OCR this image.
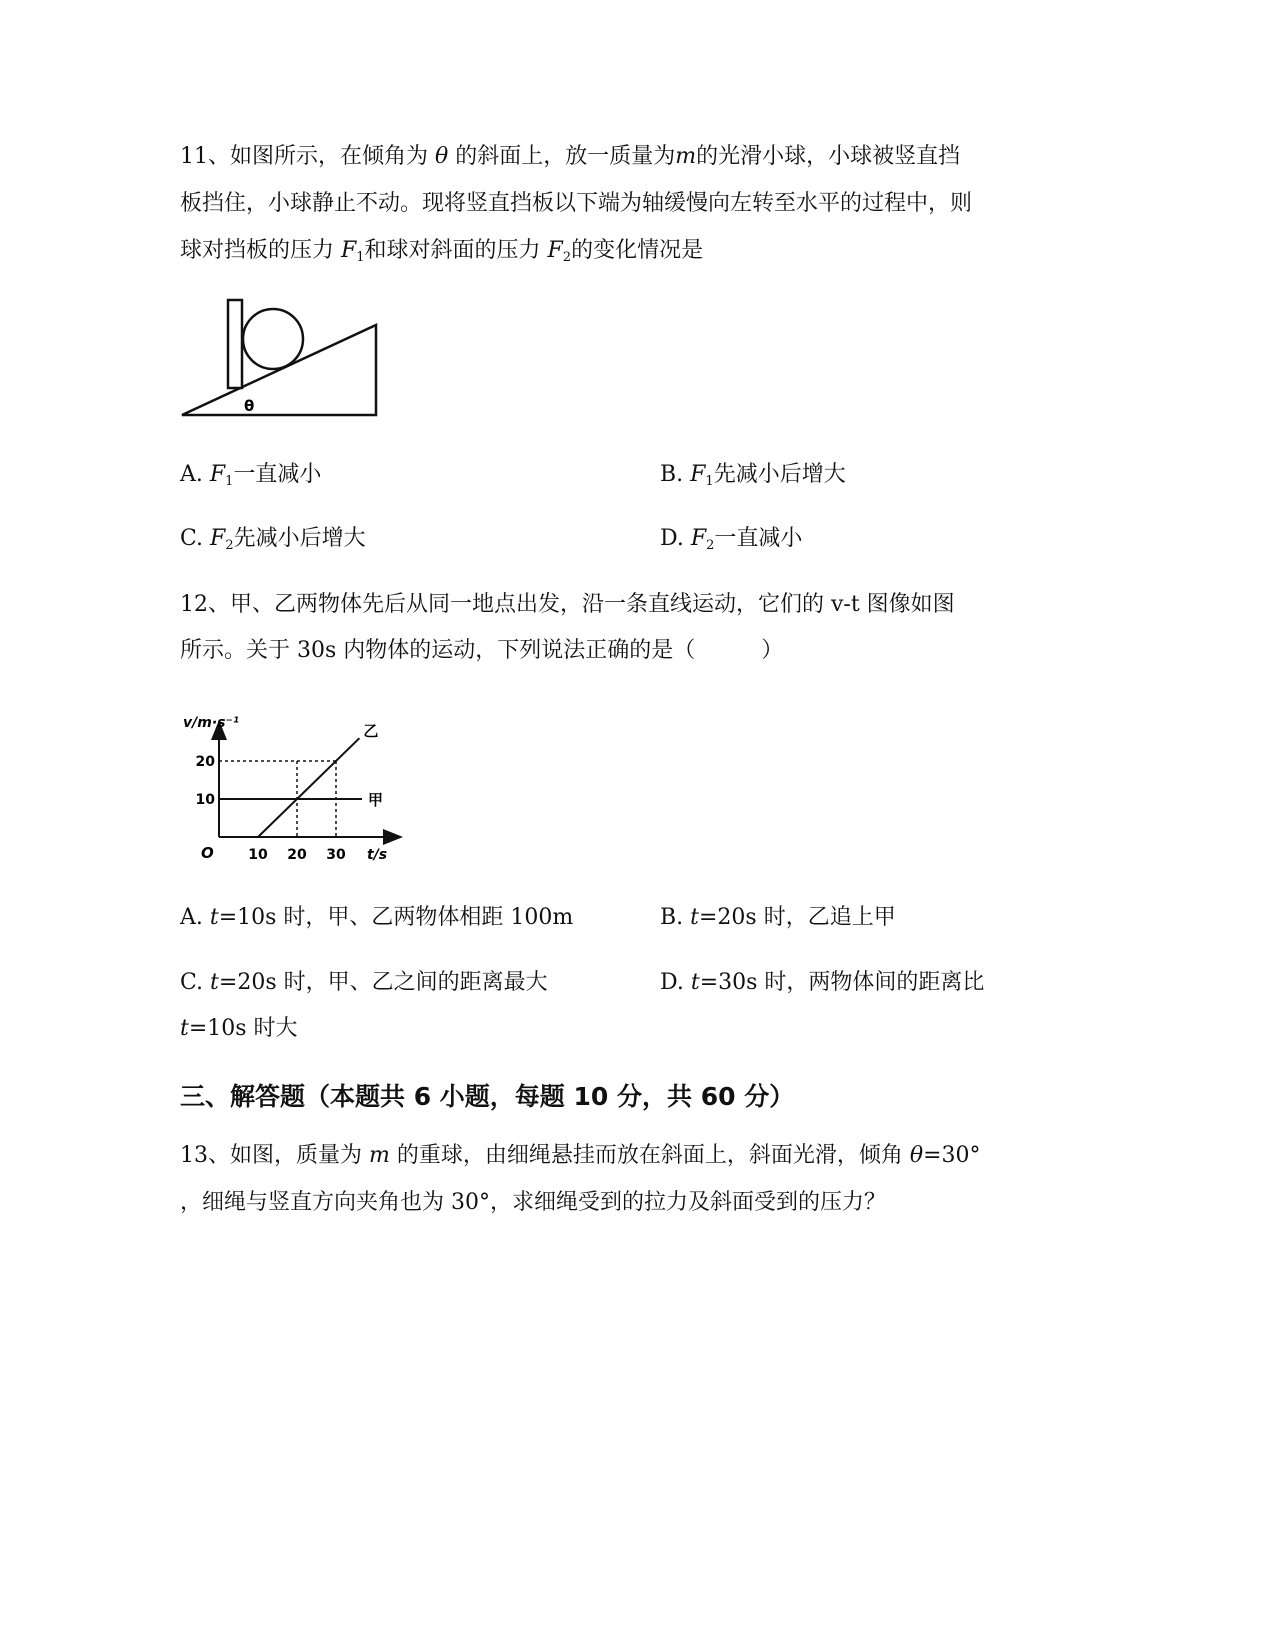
11、如图所示，在倾角为 θ 的斜面上，放一质量为m的光滑小球，小球被竖直挡
板挡住，小球静止不动。现将竖直挡板以下端为轴缓慢向左转至水平的过程中，则
球对挡板的压力 $F_1$和球对斜面的压力 $F_2$的变化情况是
θ
A. $F_1$一直减小	B. $F_1$先减小后增大
C. $F_2$先减小后增大	D. $F_2$一直减小
12、甲、乙两物体先后从同一地点出发，沿一条直线运动，它们的 v-t 图像如图
所示。关于 30s 内物体的运动，下列说法正确的是（　　　）
甲
乙
10 20 30
10
20
v/m·s⁻¹
t/s
O
A. t=10s 时，甲、乙两物体相距 100m	B. t=20s 时，乙追上甲
C. t=20s 时，甲、乙之间的距离最大	D. t=30s 时，两物体间的距离比
t=10s 时大
三、解答题（本题共 6 小题，每题 10 分，共 60 分）
13、如图，质量为 m 的重球，由细绳悬挂而放在斜面上，斜面光滑，倾角 θ=30°
，细绳与竖直方向夹角也为 30°，求细绳受到的拉力及斜面受到的压力？
